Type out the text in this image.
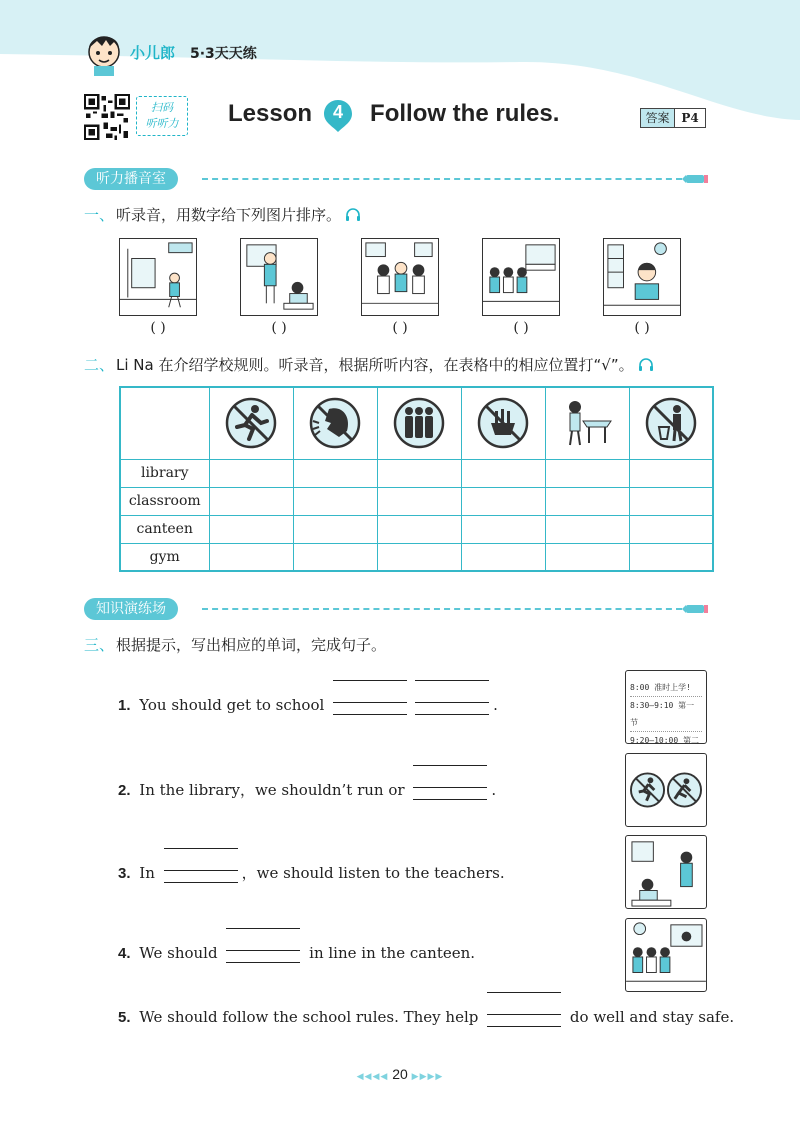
小儿郎 5·3天天练
扫码
听听力	Lesson	4	Follow the rules.	答案 P4
听力播音室
一、 听录音，用数字给下列图片排序。
( )	( )	( )	( )	( )
二、 Li Na 在介绍学校规则。听录音，根据所听内容，在表格中的相应位置打“√”。

library						
classroom						
canteen						
gym						
知识演练场
三、 根据提示，写出相应的单词，完成句子。
1. You should get to school	.
2. In the library，we shouldn’t run or	.
3. In	，we should listen to the teachers.
4. We should	in line in the canteen.
5. We should follow the school rules. They help	do well and stay safe.
8:00 准时上学!
8:30—9:10 第一节
9:20—10:00 第二
◀◀◀◀ 20 ▶▶▶▶
